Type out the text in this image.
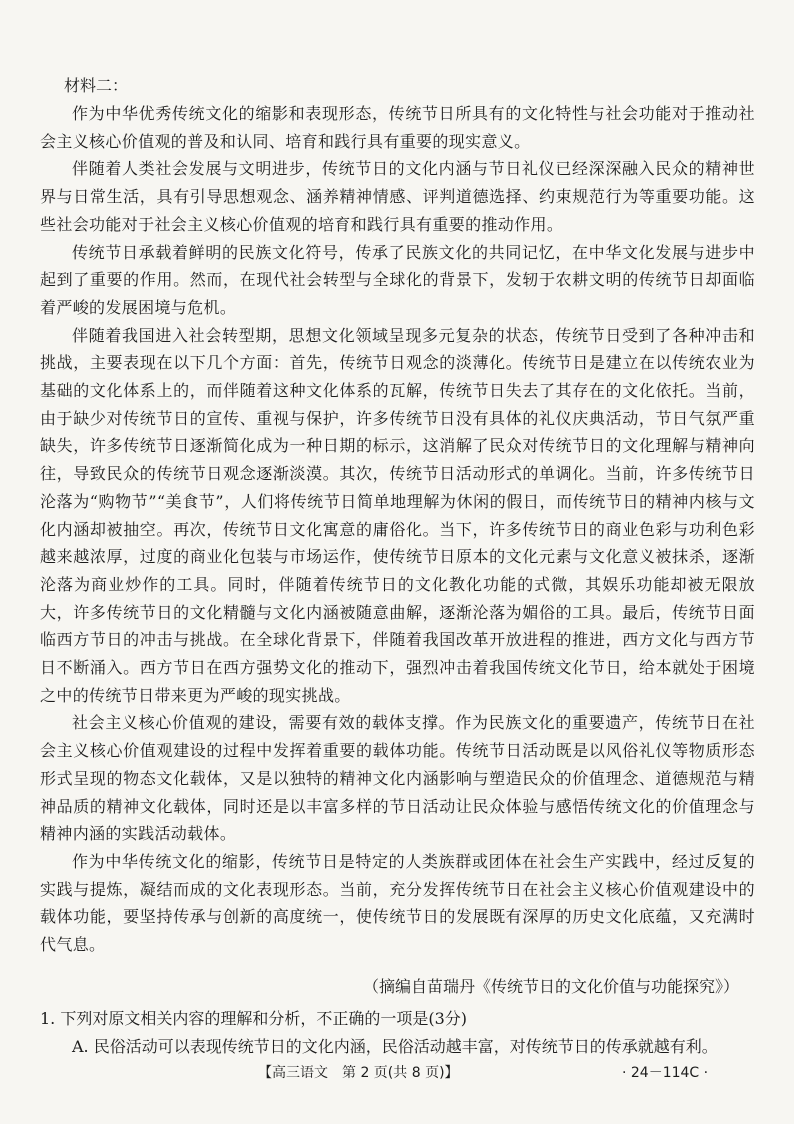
材料二：

作为中华优秀传统文化的缩影和表现形态，传统节日所具有的文化特性与社会功能对于推动社会主义核心价值观的普及和认同、培育和践行具有重要的现实意义。

伴随着人类社会发展与文明进步，传统节日的文化内涵与节日礼仪已经深深融入民众的精神世界与日常生活，具有引导思想观念、涵养精神情感、评判道德选择、约束规范行为等重要功能。这些社会功能对于社会主义核心价值观的培育和践行具有重要的推动作用。

传统节日承载着鲜明的民族文化符号，传承了民族文化的共同记忆，在中华文化发展与进步中起到了重要的作用。然而，在现代社会转型与全球化的背景下，发轫于农耕文明的传统节日却面临着严峻的发展困境与危机。

伴随着我国进入社会转型期，思想文化领域呈现多元复杂的状态，传统节日受到了各种冲击和挑战，主要表现在以下几个方面：首先，传统节日观念的淡薄化。传统节日是建立在以传统农业为基础的文化体系上的，而伴随着这种文化体系的瓦解，传统节日失去了其存在的文化依托。当前，由于缺少对传统节日的宣传、重视与保护，许多传统节日没有具体的礼仪庆典活动，节日气氛严重缺失，许多传统节日逐渐简化成为一种日期的标示，这消解了民众对传统节日的文化理解与精神向往，导致民众的传统节日观念逐渐淡漠。其次，传统节日活动形式的单调化。当前，许多传统节日沦落为“购物节”“美食节”，人们将传统节日简单地理解为休闲的假日，而传统节日的精神内核与文化内涵却被抽空。再次，传统节日文化寓意的庸俗化。当下，许多传统节日的商业色彩与功利色彩越来越浓厚，过度的商业化包装与市场运作，使传统节日原本的文化元素与文化意义被抹杀，逐渐沦落为商业炒作的工具。同时，伴随着传统节日的文化教化功能的式微，其娱乐功能却被无限放大，许多传统节日的文化精髓与文化内涵被随意曲解，逐渐沦落为媚俗的工具。最后，传统节日面临西方节日的冲击与挑战。在全球化背景下，伴随着我国改革开放进程的推进，西方文化与西方节日不断涌入。西方节日在西方强势文化的推动下，强烈冲击着我国传统文化节日，给本就处于困境之中的传统节日带来更为严峻的现实挑战。

社会主义核心价值观的建设，需要有效的载体支撑。作为民族文化的重要遗产，传统节日在社会主义核心价值观建设的过程中发挥着重要的载体功能。传统节日活动既是以风俗礼仪等物质形态形式呈现的物态文化载体，又是以独特的精神文化内涵影响与塑造民众的价值理念、道德规范与精神品质的精神文化载体，同时还是以丰富多样的节日活动让民众体验与感悟传统文化的价值理念与精神内涵的实践活动载体。

作为中华传统文化的缩影，传统节日是特定的人类族群或团体在社会生产实践中，经过反复的实践与提炼，凝结而成的文化表现形态。当前，充分发挥传统节日在社会主义核心价值观建设中的载体功能，要坚持传承与创新的高度统一，使传统节日的发展既有深厚的历史文化底蕴，又充满时代气息。

（摘编自苗瑞丹《传统节日的文化价值与功能探究》）

1. 下列对原文相关内容的理解和分析，不正确的一项是(3分)

A. 民俗活动可以表现传统节日的文化内涵，民俗活动越丰富，对传统节日的传承就越有利。

【高三语文　第 2 页(共 8 页)】	· 24－114C ·
